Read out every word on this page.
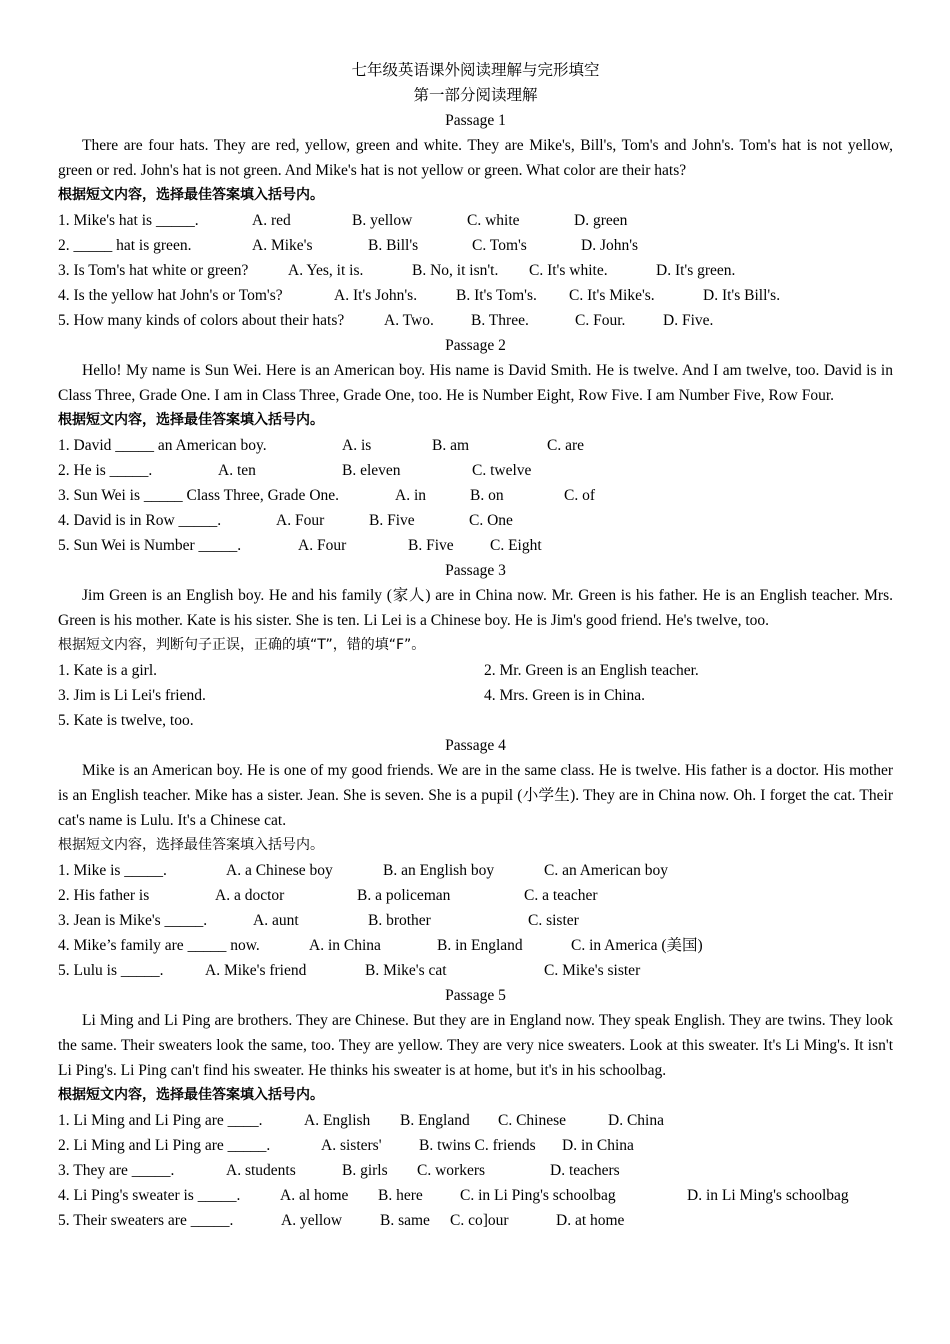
七年级英语课外阅读理解与完形填空
第一部分阅读理解
Passage 1

There are four hats. They are red, yellow, green and white. They are Mike's, Bill's, Tom's and John's. Tom's hat is not yellow, green or red. John's hat is not green. And Mike's hat is not yellow or green. What color are their hats?

根据短文内容，选择最佳答案填入括号内。
1. Mike's hat is _____.	A. red	B. yellow	C. white	D. green
2. _____ hat is green.	A. Mike's	B. Bill's	C. Tom's	D. John's
3. Is Tom's hat white or green?	A. Yes, it is.	B. No, it isn't. C. It's white.	D. It's green.
4. Is the yellow hat John's or Tom's?	A. It's John's.	B. It's Tom's. C. It's Mike's.	D. It's Bill's.
5. How many kinds of colors about their hats?	A. Two. B. Three.	C. Four. D. Five.
Passage 2

Hello! My name is Sun Wei. Here is an American boy. His name is David Smith. He is twelve. And I am twelve, too. David is in Class Three, Grade One. I am in Class Three, Grade One, too. He is Number Eight, Row Five. I am Number Five, Row Four.

根据短文内容，选择最佳答案填入括号内。
1. David _____ an American boy.	A. is	B. am	C. are
2. He is _____.	A. ten	B. eleven	C. twelve
3. Sun Wei is _____ Class Three, Grade One.	A. in	B. on	C. of
4. David is in Row _____.	A. Four	B. Five	C. One
5. Sun Wei is Number _____.	A. Four	B. Five C. Eight
Passage 3

Jim Green is an English boy. He and his family (家人) are in China now. Mr. Green is his father. He is an English teacher. Mrs. Green is his mother. Kate is his sister. She is ten. Li Lei is a Chinese boy. He is Jim's good friend. He's twelve, too.

根据短文内容，判断句子正误，正确的填“T”，错的填“F”。
1. Kate is a girl.	2. Mr. Green is an English teacher.
3. Jim is Li Lei's friend.	4. Mrs. Green is in China.
5. Kate is twelve, too.
Passage 4

Mike is an American boy. He is one of my good friends. We are in the same class. He is twelve. His father is a doctor. His mother is an English teacher. Mike has a sister. Jean. She is seven. She is a pupil (小学生). They are in China now. Oh. I forget the cat. Their cat's name is Lulu. It's a Chinese cat.

根据短文内容，选择最佳答案填入括号内。
1. Mike is _____.	A. a Chinese boy	B. an English boy	C. an American boy
2. His father is	A. a doctor	B. a policeman	C. a teacher
3. Jean is Mike's _____.	A. aunt	B. brother	C. sister
4. Mike’s family are _____ now.	A. in China	B. in England	C. in America (美国)
5. Lulu is _____.	A. Mike's friend	B. Mike's cat	C. Mike's sister
Passage 5

Li Ming and Li Ping are brothers. They are Chinese. But they are in England now. They speak English. They are twins. They look the same. Their sweaters look the same, too. They are yellow. They are very nice sweaters. Look at this sweater. It's Li Ming's. It isn't Li Ping's. Li Ping can't find his sweater. He thinks his sweater is at home, but it's in his schoolbag.

根据短文内容，选择最佳答案填入括号内。
1. Li Ming and Li Ping are ____.	A. English B. England C. Chinese	D. China
2. Li Ming and Li Ping are _____.	A. sisters' B. twins C. friends D. in China
3. They are _____.	A. students	B. girls C. workers	D. teachers
4. Li Ping's sweater is _____.	A. al home B. here C. in Li Ping's schoolbag	D. in Li Ming's schoolbag
5. Their sweaters are _____.	A. yellow B. same C. co]our	D. at home
